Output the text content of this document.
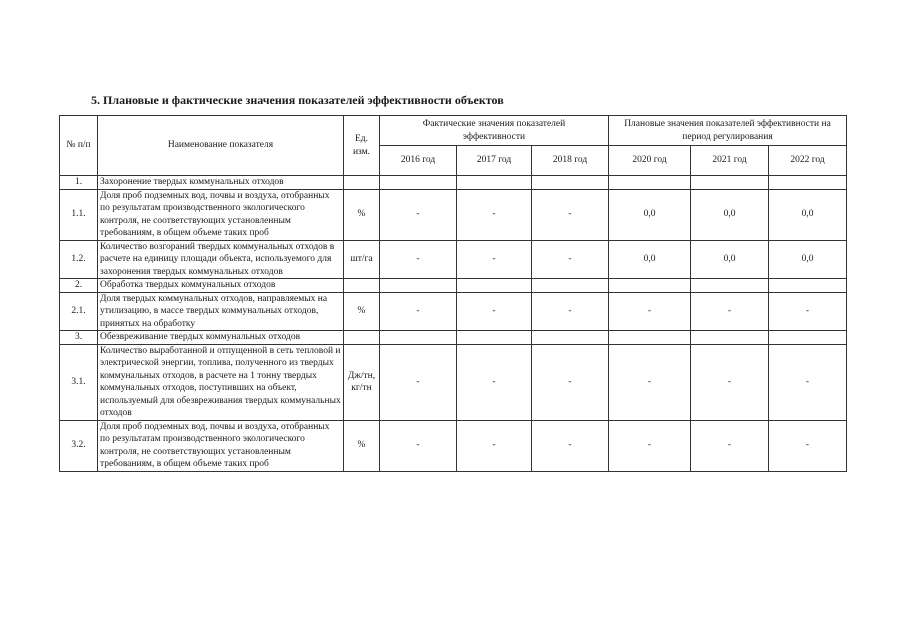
5. Плановые и фактические значения показателей эффективности объектов
№ п/п	Наименование показателя	Ед. изм.	Фактические значения показателей эффективности			Плановые значения показателей эффективности на период регулирования		
			2016 год	2017 год	2018 год	2020 год	2021 год	2022 год
1.	Захоронение твердых коммунальных отходов							
1.1.	Доля проб подземных вод, почвы и воздуха, отобранных по результатам производственного экологического контроля, не соответствующих установленным требованиям, в общем объеме таких проб	%	-	-	-	0,0	0,0	0,0
1.2.	Количество возгораний твердых коммунальных отходов в расчете на единицу площади объекта, используемого для захоронения твердых коммунальных отходов	шт/га	-	-	-	0,0	0,0	0,0
2.	Обработка твердых коммунальных отходов							
2.1.	Доля твердых коммунальных отходов, направляемых на утилизацию, в массе твердых коммунальных отходов, принятых на обработку	%	-	-	-	-	-	-
3.	Обезвреживание твердых коммунальных отходов							
3.1.	Количество выработанной и отпущенной в сеть тепловой и электрической энергии, топлива, полученного из твердых коммунальных отходов, в расчете на 1 тонну твердых коммунальных отходов, поступивших на объект, используемый для обезвреживания твердых коммунальных отходов	Дж/тн, кг/тн	-	-	-	-	-	-
3.2.	Доля проб подземных вод, почвы и воздуха, отобранных по результатам производственного экологического контроля, не соответствующих установленным требованиям, в общем объеме таких проб	%	-	-	-	-	-	-
